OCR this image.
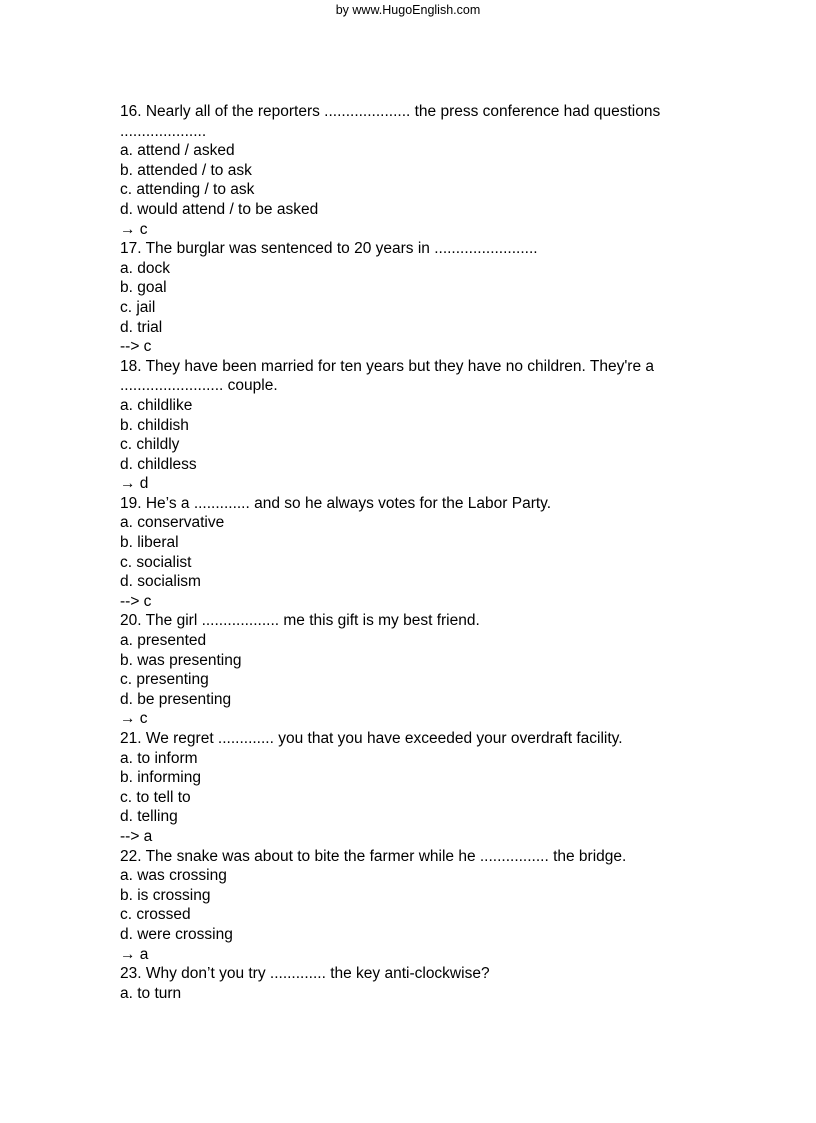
by www.HugoEnglish.com
16. Nearly all of the reporters .................... the press conference had questions
....................
a. attend / asked
b. attended / to ask
c. attending / to ask
d. would attend / to be asked
→ c
17. The burglar was sentenced to 20 years in ........................
a. dock
b. goal
c. jail
d. trial
--> c
18. They have been married for ten years but they have no children. They're a
........................ couple.
a. childlike
b. childish
c. childly
d. childless
→ d
19. He’s a ............. and so he always votes for the Labor Party.
a. conservative
b. liberal
c. socialist
d. socialism
--> c
20. The girl .................. me this gift is my best friend.
a. presented
b. was presenting
c. presenting
d. be presenting
→ c
21. We regret ............. you that you have exceeded your overdraft facility.
a. to inform
b. informing
c. to tell to
d. telling
--> a
22. The snake was about to bite the farmer while he ................ the bridge.
a. was crossing
b. is crossing
c. crossed
d. were crossing
→ a
23. Why don’t you try ............. the key anti-clockwise?
a. to turn
